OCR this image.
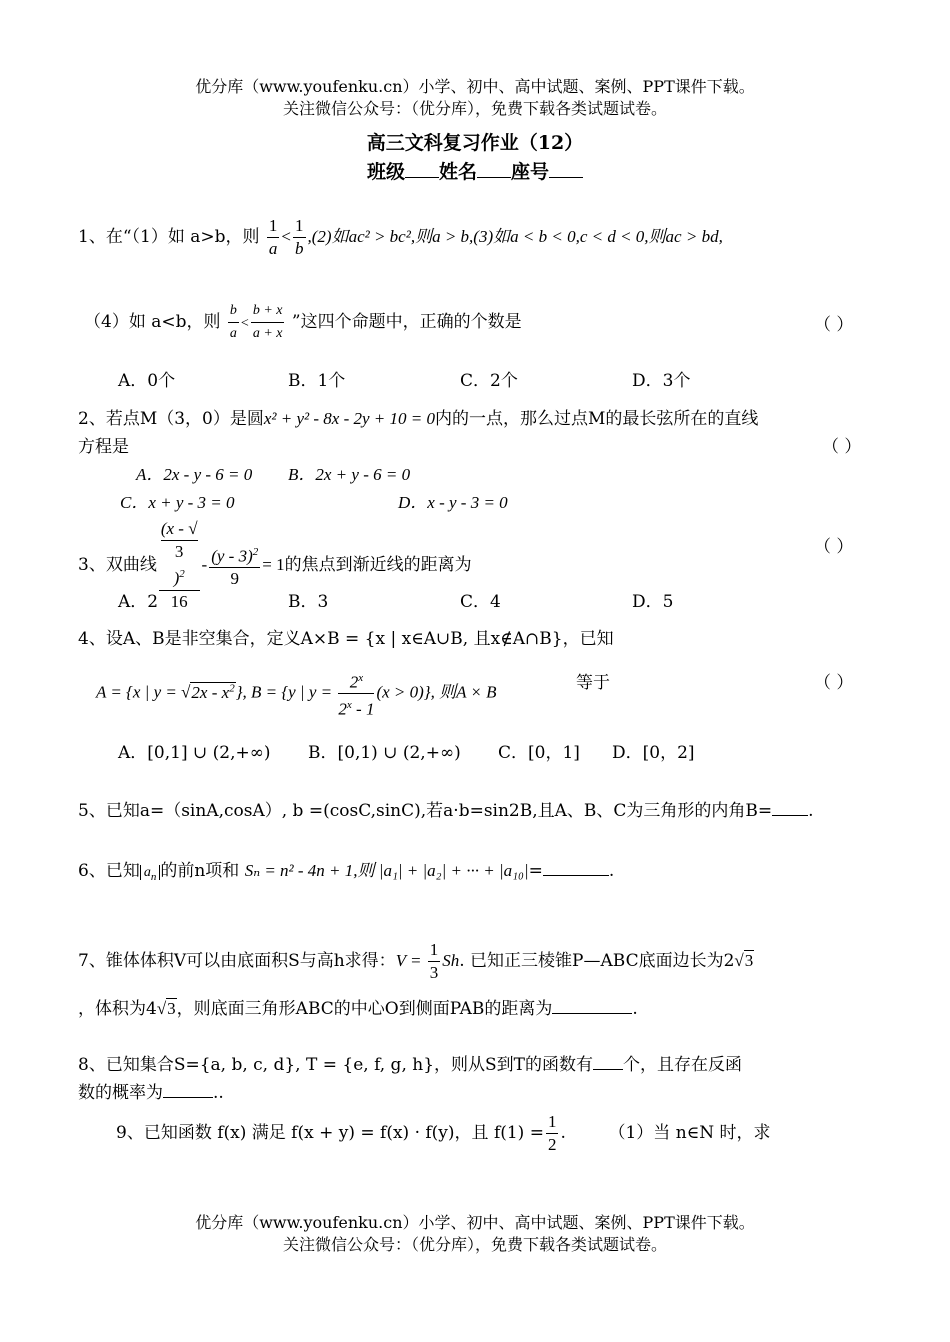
优分库（www.youfenku.cn）小学、初中、高中试题、案例、PPT课件下载。
关注微信公众号：（优分库），免费下载各类试题试卷。
高三文科复习作业（12）
班级 姓名 座号
1、在“（1）如 a>b，则 $\frac{1}{a} < \frac{1}{b} ,(2)$如ac² > bc²,则a > b,(3)如a < b < 0,c < d < 0,则ac > bd,
（4）如 a<b，则 $\frac{b}{a} < \frac{b + x}{a + x}$ ”这四个命题中，正确的个数是	（ ）
A．0个	B．1个	C．2个	D．3个
2、若点M（3，0）是圆x² + y² - 8x - 2y + 10 = 0内的一点，那么过点M的最长弦所在的直线
方程是	（ ）
A．2x - y - 6 = 0 B．2x + y - 6 = 0
C．x + y - 3 = 0	D．x - y - 3 = 0
3、双曲线 (x - √
3
)$^2$
$16 - \frac{(y - 3)^2}{9} = 1$的焦点到渐近线的距离为
（ ）
A．2	B．3	C．4	D．5
4、设A、B是非空集合，定义A×B = {x | x∈A∪B, 且x∉A∩B}，已知
A = {x | $y = √2x - x^2$}, B = {y | $y = \frac{2^x}{2^x - 1} (x > 0)$}, 则A × B	等于	（ ）
A．[0,1] ∪ (2,+∞) B．[0,1) ∪ (2,+∞) C．[0，1] D．[0，2]
5、已知a=（sinA,cosA）, b =(cosC,sinC),若a·b=sin2B,且A、B、C为三角形的内角B= .
6、已知 $a_n$ 的前n项和 Sₙ = n² - 4n + 1,则 |a₁| + |a₂| + ··· + |a₁₀|=	.
7、锥体体积V可以由底面积S与高h求得：$V = \frac{1}{3} Sh$. 已知正三棱锥P—ABC底面边长为2√3
，体积为4√3，则底面三角形ABC的中心O到侧面PAB的距离为	.
8、已知集合S={a, b, c, d}, T = {e, f, g, h}，则从S到T的函数有 个，且存在反函
数的概率为	..
9、已知函数 f(x) 满足 f(x + y) = f(x) · f(y)，且 $f(1) = \frac{1}{2}$ .	（1）当 n∈N 时，求
优分库（www.youfenku.cn）小学、初中、高中试题、案例、PPT课件下载。
关注微信公众号：（优分库），免费下载各类试题试卷。
